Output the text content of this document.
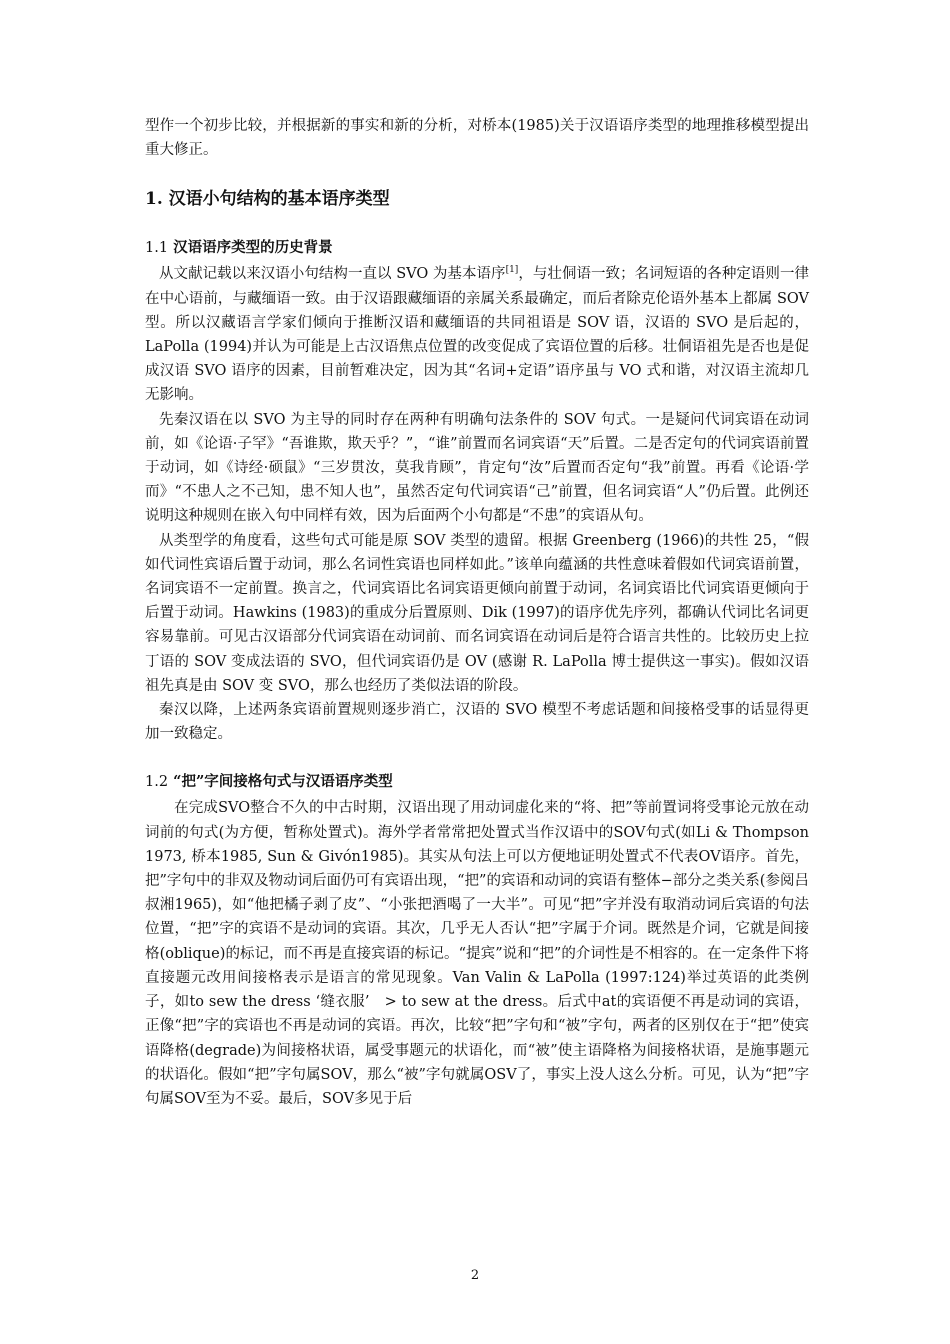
型作一个初步比较，并根据新的事实和新的分析，对桥本(1985)关于汉语语序类型的地理推移模型提出重大修正。

1. 汉语小句结构的基本语序类型
1.1 汉语语序类型的历史背景

从文献记载以来汉语小句结构一直以 SVO 为基本语序[1]，与壮侗语一致；名词短语的各种定语则一律在中心语前，与藏缅语一致。由于汉语跟藏缅语的亲属关系最确定，而后者除克伦语外基本上都属 SOV 型。所以汉藏语言学家们倾向于推断汉语和藏缅语的共同祖语是 SOV 语，汉语的 SVO 是后起的，LaPolla (1994)并认为可能是上古汉语焦点位置的改变促成了宾语位置的后移。壮侗语祖先是否也是促成汉语 SVO 语序的因素，目前暂难决定，因为其“名词+定语”语序虽与 VO 式和谐，对汉语主流却几无影响。

先秦汉语在以 SVO 为主导的同时存在两种有明确句法条件的 SOV 句式。一是疑问代词宾语在动词前，如《论语·子罕》“吾谁欺，欺天乎？”，“谁”前置而名词宾语“天”后置。二是否定句的代词宾语前置于动词，如《诗经·硕鼠》“三岁贯汝，莫我肯顾”，肯定句“汝”后置而否定句“我”前置。再看《论语·学而》“不患人之不己知，患不知人也”，虽然否定句代词宾语“己”前置，但名词宾语“人”仍后置。此例还说明这种规则在嵌入句中同样有效，因为后面两个小句都是“不患”的宾语从句。

从类型学的角度看，这些句式可能是原 SOV 类型的遗留。根据 Greenberg (1966)的共性 25，“假如代词性宾语后置于动词，那么名词性宾语也同样如此。”该单向蕴涵的共性意味着假如代词宾语前置，名词宾语不一定前置。换言之，代词宾语比名词宾语更倾向前置于动词，名词宾语比代词宾语更倾向于后置于动词。Hawkins (1983)的重成分后置原则、Dik (1997)的语序优先序列，都确认代词比名词更容易靠前。可见古汉语部分代词宾语在动词前、而名词宾语在动词后是符合语言共性的。比较历史上拉丁语的 SOV 变成法语的 SVO，但代词宾语仍是 OV (感谢 R. LaPolla 博士提供这一事实)。假如汉语祖先真是由 SOV 变 SVO，那么也经历了类似法语的阶段。

秦汉以降，上述两条宾语前置规则逐步消亡，汉语的 SVO 模型不考虑话题和间接格受事的话显得更加一致稳定。

1.2 “把”字间接格句式与汉语语序类型

在完成SVO整合不久的中古时期，汉语出现了用动词虚化来的“将、把”等前置词将受事论元放在动词前的句式(为方便，暂称处置式)。海外学者常常把处置式当作汉语中的SOV句式(如Li & Thompson 1973, 桥本1985, Sun & Givón1985)。其实从句法上可以方便地证明处置式不代表OV语序。首先，把”字句中的非双及物动词后面仍可有宾语出现，“把”的宾语和动词的宾语有整体−部分之类关系(参阅吕叔湘1965)，如“他把橘子剥了皮”、“小张把酒喝了一大半”。可见“把”字并没有取消动词后宾语的句法位置，“把”字的宾语不是动词的宾语。其次，几乎无人否认“把”字属于介词。既然是介词，它就是间接格(oblique)的标记，而不再是直接宾语的标记。“提宾”说和“把”的介词性是不相容的。在一定条件下将直接题元改用间接格表示是语言的常见现象。Van Valin & LaPolla (1997:124)举过英语的此类例子，如to sew the dress ‘缝衣服’　> to sew at the dress。后式中at的宾语便不再是动词的宾语，正像“把”字的宾语也不再是动词的宾语。再次，比较“把”字句和“被”字句，两者的区别仅在于“把”使宾语降格(degrade)为间接格状语，属受事题元的状语化，而“被”使主语降格为间接格状语，是施事题元的状语化。假如“把”字句属SOV，那么“被”字句就属OSV了，事实上没人这么分析。可见，认为“把”字句属SOV至为不妥。最后，SOV多见于后

2
